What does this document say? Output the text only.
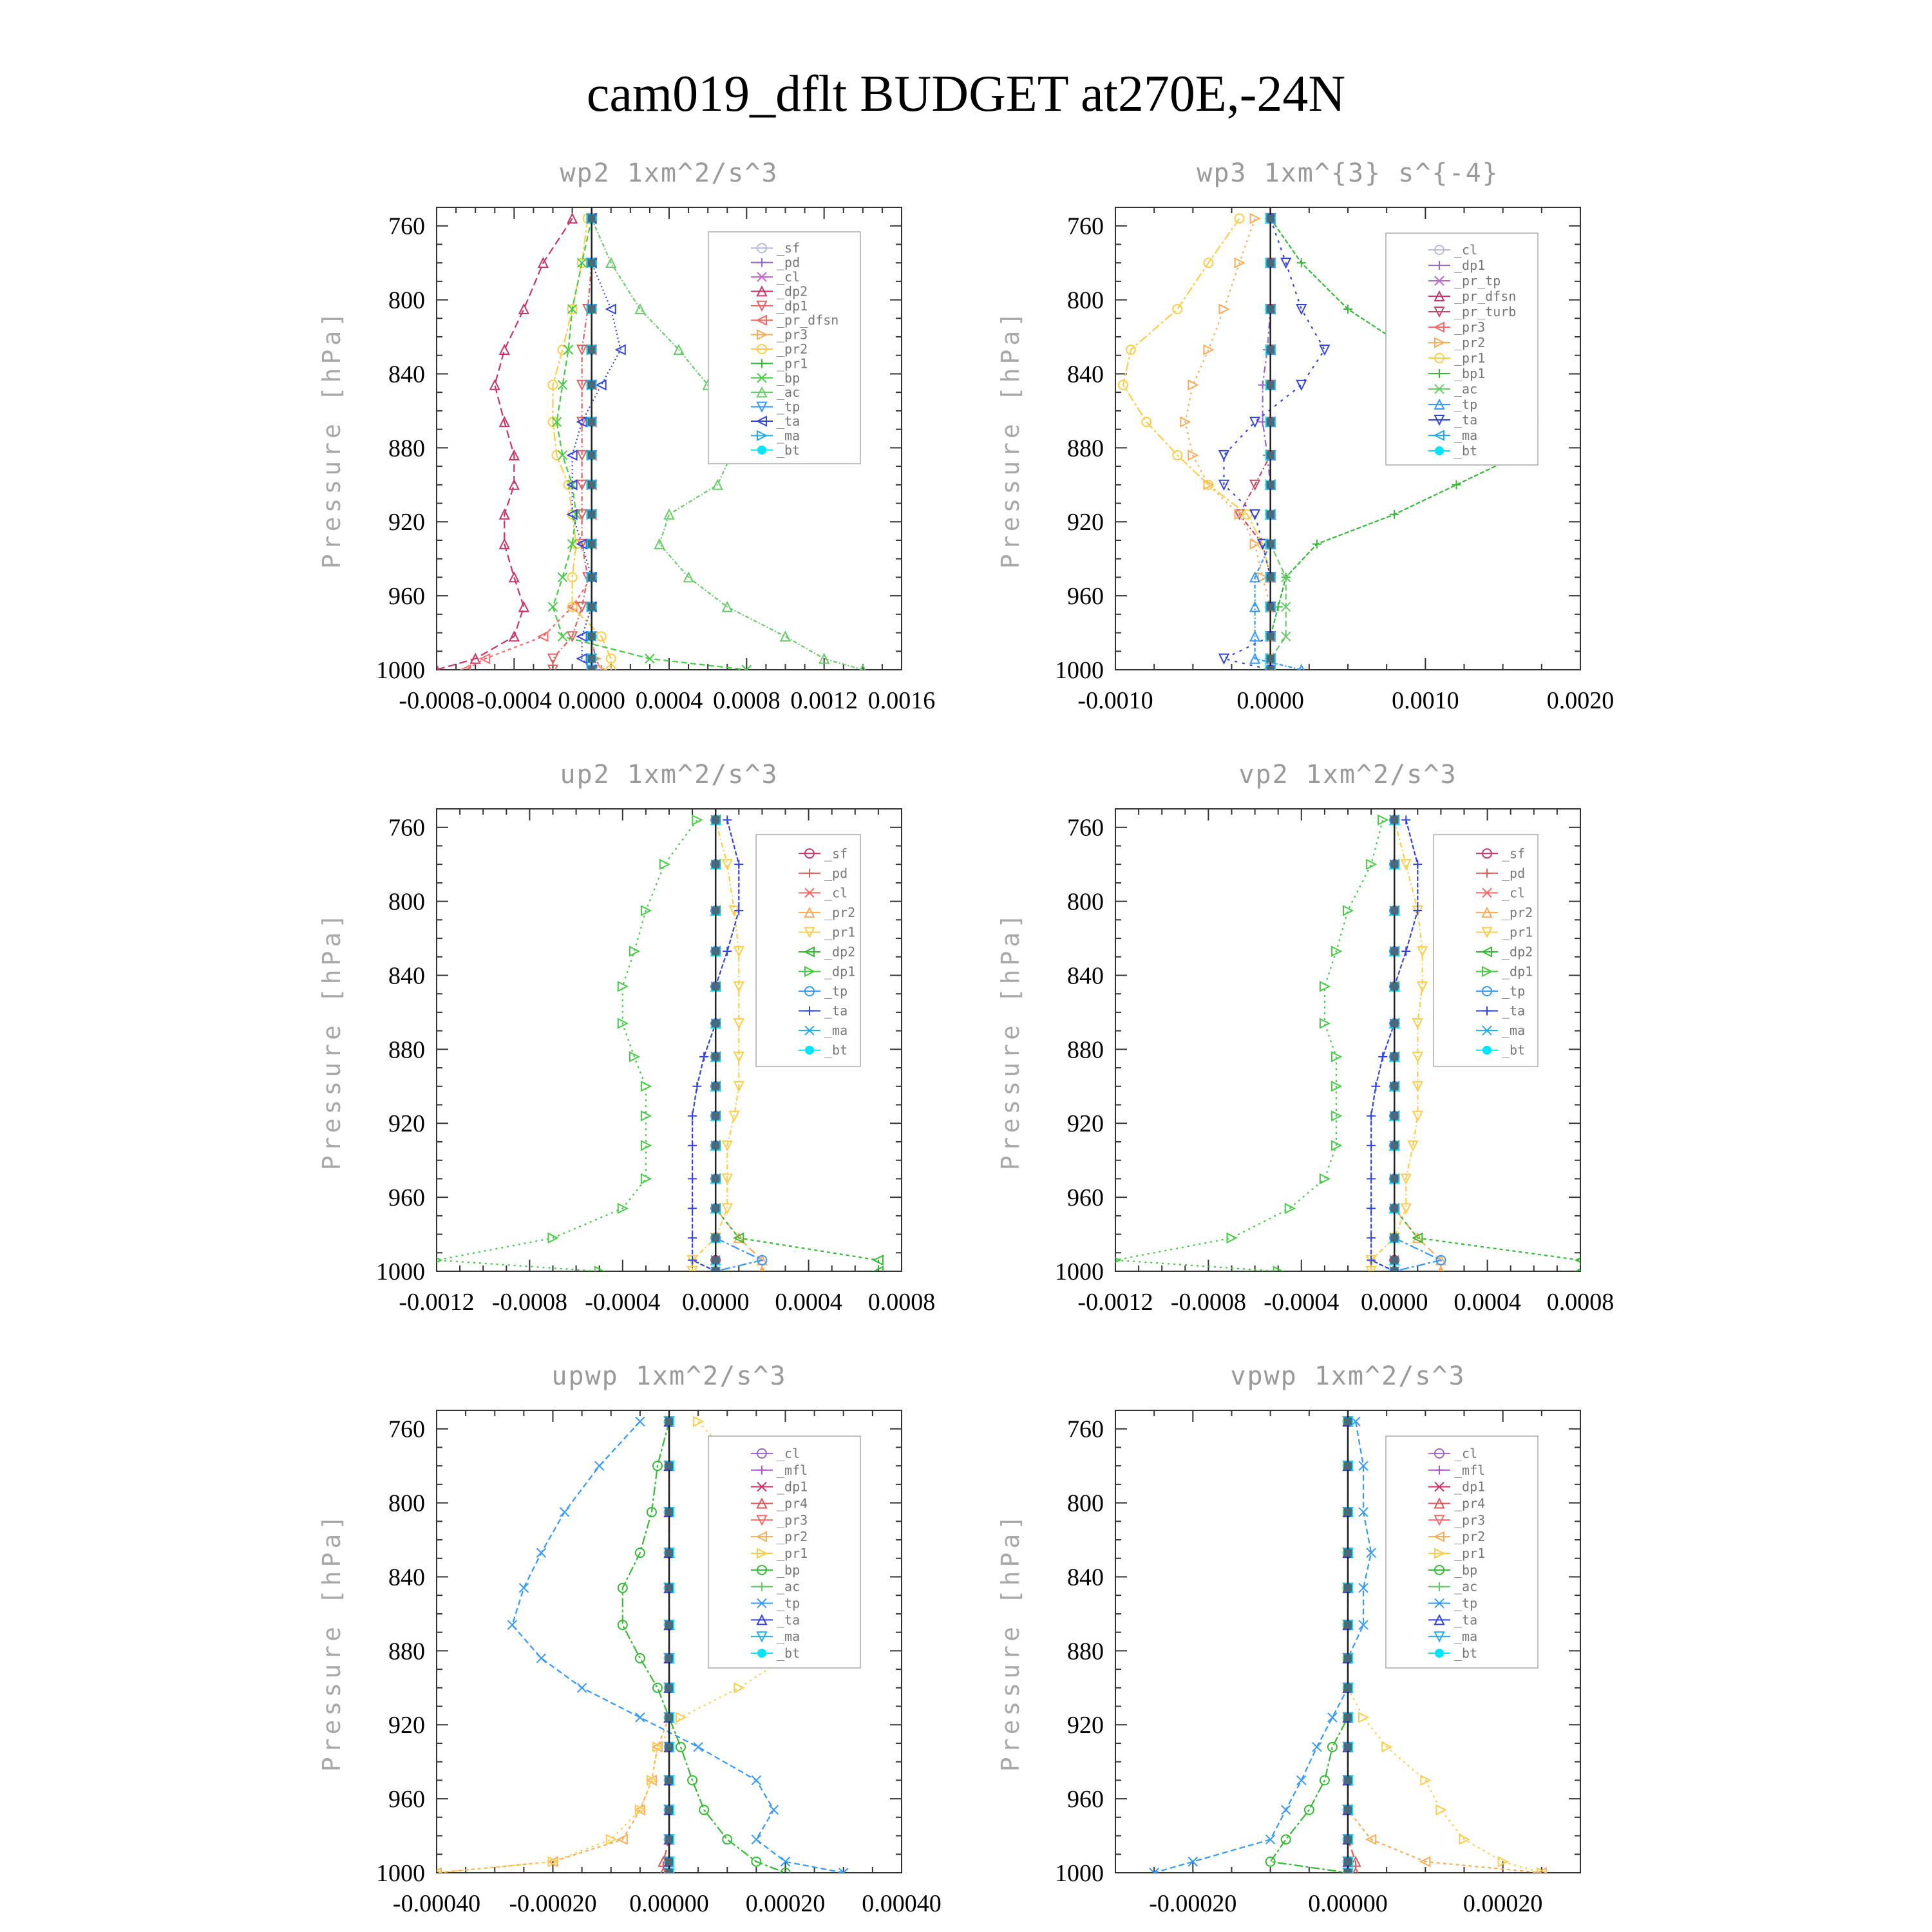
cam019_dflt BUDGET at270E,-24N
wp2 1xm^2/s^3
Pressure [hPa]
760
800
840
880
920
960
1000
-0.0008 -0.0004 0.0000 0.0004 0.0008 0.0012 0.0016
_sf
_pd
_cl
_dp2
_dp1
_pr_dfsn
_pr3
_pr2
_pr1
_bp
_ac
_tp
_ta
_ma
_bt
wp3 1xm^{3} s^{-4}
Pressure [hPa]
760
800
840
880
920
960
1000
-0.0010	0.0000	0.0010	0.0020
_cl
_dp1
_pr_tp
_pr_dfsn
_pr_turb
_pr3
_pr2
_pr1
_bp1
_ac
_tp
_ta
_ma
_bt
up2 1xm^2/s^3
Pressure [hPa]
760
800
840
880
920
960
1000
-0.0012 -0.0008 -0.0004 0.0000 0.0004 0.0008
_sf
_pd
_cl
_pr2
_pr1
_dp2
_dp1
_tp
_ta
_ma
_bt
vp2 1xm^2/s^3
Pressure [hPa]
760
800
840
880
920
960
1000
-0.0012 -0.0008 -0.0004 0.0000 0.0004 0.0008
_sf
_pd
_cl
_pr2
_pr1
_dp2
_dp1
_tp
_ta
_ma
_bt
upwp 1xm^2/s^3
Pressure [hPa]
760
800
840
880
920
960
1000
-0.00040 -0.00020 0.00000 0.00020 0.00040
_cl
_mfl
_dp1
_pr4
_pr3
_pr2
_pr1
_bp
_ac
_tp
_ta
_ma
_bt
vpwp 1xm^2/s^3
Pressure [hPa]
760
800
840
880
920
960
1000
-0.00020	0.00000	0.00020
_cl
_mfl
_dp1
_pr4
_pr3
_pr2
_pr1
_bp
_ac
_tp
_ta
_ma
_bt
